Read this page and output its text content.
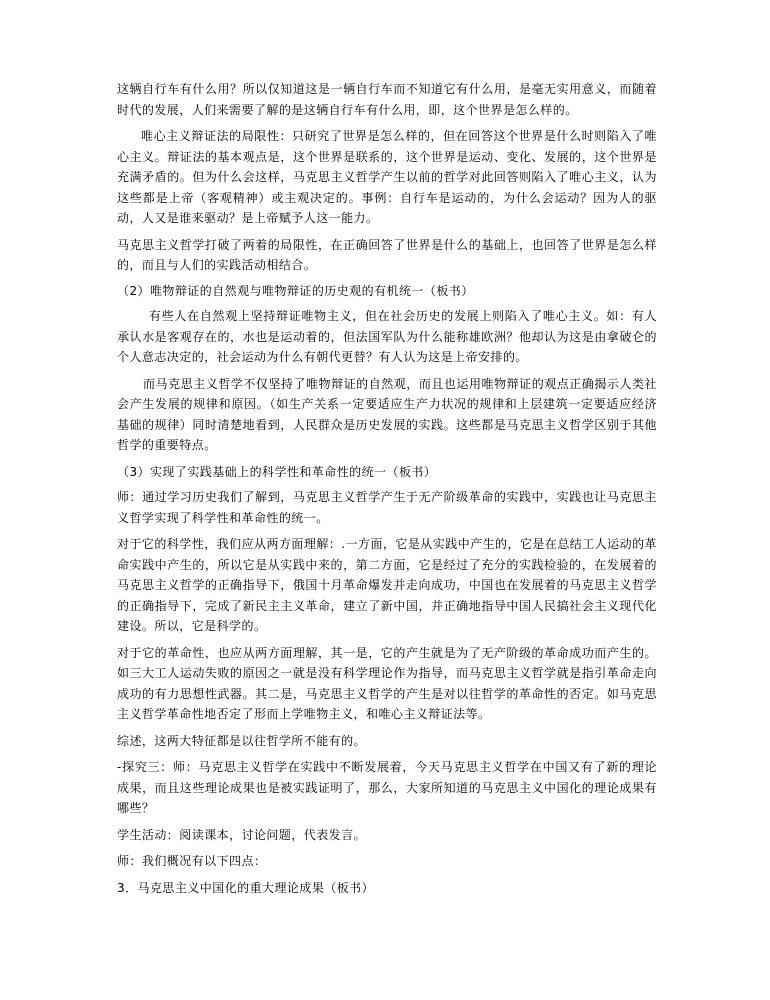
这辆自行车有什么用？所以仅知道这是一辆自行车而不知道它有什么用，是毫无实用意义，而随着时代的发展，人们来需要了解的是这辆自行车有什么用，即，这个世界是怎么样的。

唯心主义辩证法的局限性：只研究了世界是怎么样的，但在回答这个世界是什么时则陷入了唯心主义。辩证法的基本观点是，这个世界是联系的，这个世界是运动、变化、发展的，这个世界是充满矛盾的。但为什么会这样，马克思主义哲学产生以前的哲学对此回答则陷入了唯心主义，认为这些都是上帝（客观精神）或主观决定的。事例：自行车是运动的，为什么会运动？因为人的驱动，人又是谁来驱动？是上帝赋予人这一能力。

马克思主义哲学打破了两着的局限性，在正确回答了世界是什么的基础上，也回答了世界是怎么样的，而且与人们的实践活动相结合。

（2）唯物辩证的自然观与唯物辩证的历史观的有机统一（板书）

有些人在自然观上坚持辩证唯物主义，但在社会历史的发展上则陷入了唯心主义。如：有人承认水是客观存在的，水也是运动着的，但法国军队为什么能称雄欧洲？他却认为这是由拿破仑的个人意志决定的，社会运动为什么有朝代更替？有人认为这是上帝安排的。

而马克思主义哲学不仅坚持了唯物辩证的自然观，而且也运用唯物辩证的观点正确揭示人类社会产生发展的规律和原因。（如生产关系一定要适应生产力状况的规律和上层建筑一定要适应经济基础的规律）同时清楚地看到，人民群众是历史发展的实践。这些都是马克思主义哲学区别于其他哲学的重要特点。

（3）实现了实践基础上的科学性和革命性的统一（板书）

师：通过学习历史我们了解到，马克思主义哲学产生于无产阶级革命的实践中，实践也让马克思主义哲学实现了科学性和革命性的统一。

对于它的科学性，我们应从两方面理解：.一方面，它是从实践中产生的，它是在总结工人运动的革命实践中产生的，所以它是从实践中来的，第二方面，它是经过了充分的实践检验的，在发展着的马克思主义哲学的正确指导下，俄国十月革命爆发并走向成功，中国也在发展着的马克思主义哲学的正确指导下，完成了新民主主义革命，建立了新中国，并正确地指导中国人民搞社会主义现代化建设。所以，它是科学的。

对于它的革命性，也应从两方面理解，其一是，它的产生就是为了无产阶级的革命成功而产生的。如三大工人运动失败的原因之一就是没有科学理论作为指导，而马克思主义哲学就是指引革命走向成功的有力思想性武器。其二是，马克思主义哲学的产生是对以往哲学的革命性的否定。如马克思主义哲学革命性地否定了形而上学唯物主义，和唯心主义辩证法等。

综述，这两大特征都是以往哲学所不能有的。

-探究三：师：马克思主义哲学在实践中不断发展着，今天马克思主义哲学在中国又有了新的理论成果，而且这些理论成果也是被实践证明了，那么，大家所知道的马克思主义中国化的理论成果有哪些？

学生活动：阅读课本，讨论问题，代表发言。

师：我们概况有以下四点：

3．马克思主义中国化的重大理论成果（板书）
